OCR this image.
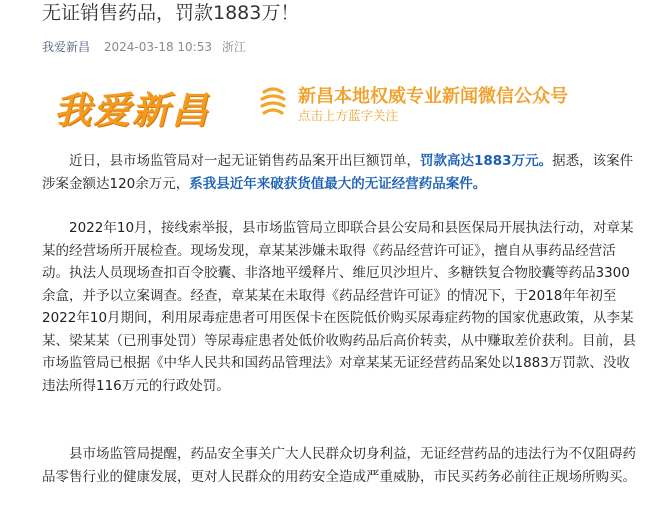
无证销售药品，罚款1883万！
我爱新昌 2024-03-18 10:53 浙江
我爱新昌	新昌本地权威专业新闻微信公众号
点击上方蓝字关注

近日，县市场监管局对一起无证销售药品案开出巨额罚单，罚款高达1883万元。据悉，该案件涉案金额达120余万元，系我县近年来破获货值最大的无证经营药品案件。

2022年10月，接线索举报，县市场监管局立即联合县公安局和县医保局开展执法行动，对章某某的经营场所开展检查。现场发现，章某某涉嫌未取得《药品经营许可证》，擅自从事药品经营活动。执法人员现场查扣百令胶囊、非洛地平缓释片、维厄贝沙坦片、多糖铁复合物胶囊等药品3300余盒，并予以立案调查。经查，章某某在未取得《药品经营许可证》的情况下，于2018年年初至2022年10月期间，利用尿毒症患者可用医保卡在医院低价购买尿毒症药物的国家优惠政策，从李某某、梁某某（已刑事处罚）等尿毒症患者处低价收购药品后高价转卖，从中赚取差价获利。目前，县市场监管局已根据《中华人民共和国药品管理法》对章某某无证经营药品案处以1883万罚款、没收违法所得116万元的行政处罚。

县市场监管局提醒，药品安全事关广大人民群众切身利益，无证经营药品的违法行为不仅阻碍药品零售行业的健康发展，更对人民群众的用药安全造成严重威胁，市民买药务必前往正规场所购买。
